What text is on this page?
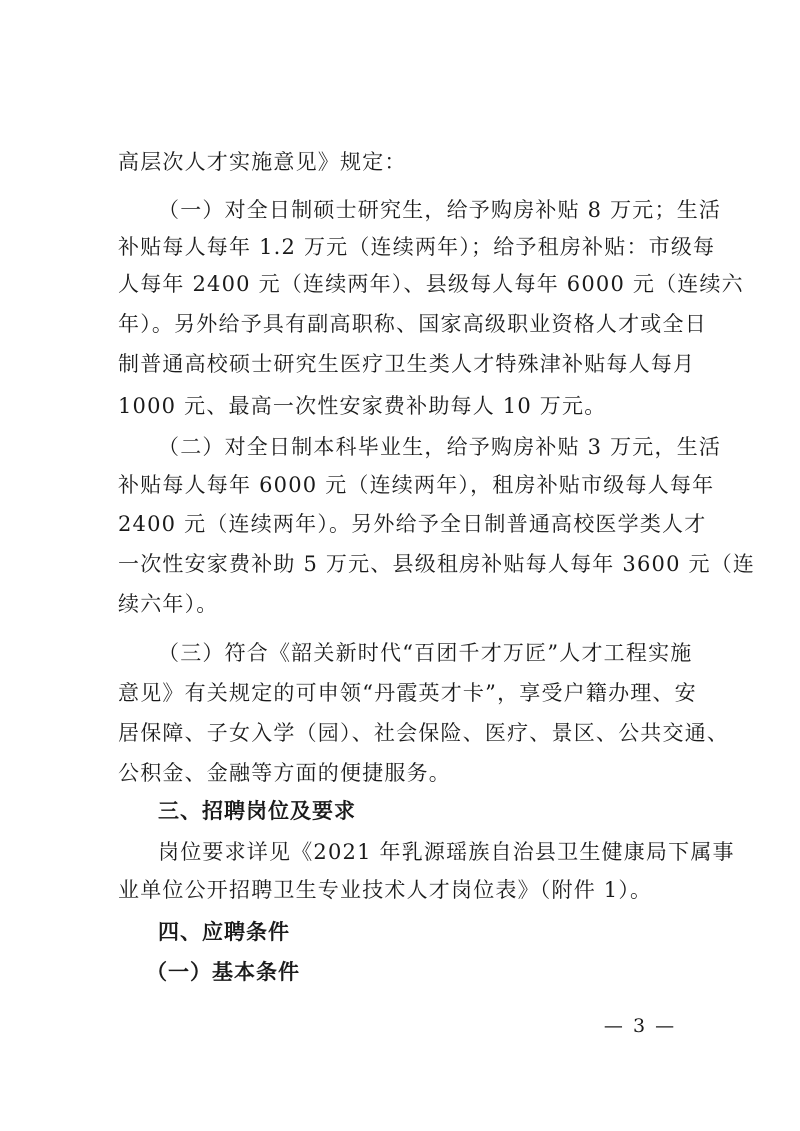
高层次人才实施意见》规定：
（一）对全日制硕士研究生，给予购房补贴 8 万元；生活
补贴每人每年 1.2 万元（连续两年）；给予租房补贴：市级每
人每年 2400 元（连续两年）、县级每人每年 6000 元（连续六
年）。另外给予具有副高职称、国家高级职业资格人才或全日
制普通高校硕士研究生医疗卫生类人才特殊津补贴每人每月
1000 元、最高一次性安家费补助每人 10 万元。
（二）对全日制本科毕业生，给予购房补贴 3 万元，生活
补贴每人每年 6000 元（连续两年），租房补贴市级每人每年
2400 元（连续两年）。另外给予全日制普通高校医学类人才
一次性安家费补助 5 万元、县级租房补贴每人每年 3600 元（连
续六年）。
（三）符合《韶关新时代“百团千才万匠”人才工程实施
意见》有关规定的可申领“丹霞英才卡”，享受户籍办理、安
居保障、子女入学（园）、社会保险、医疗、景区、公共交通、
公积金、金融等方面的便捷服务。
三、招聘岗位及要求
岗位要求详见《2021 年乳源瑶族自治县卫生健康局下属事
业单位公开招聘卫生专业技术人才岗位表》（附件 1）。
四、应聘条件
（一）基本条件
— 3 —
